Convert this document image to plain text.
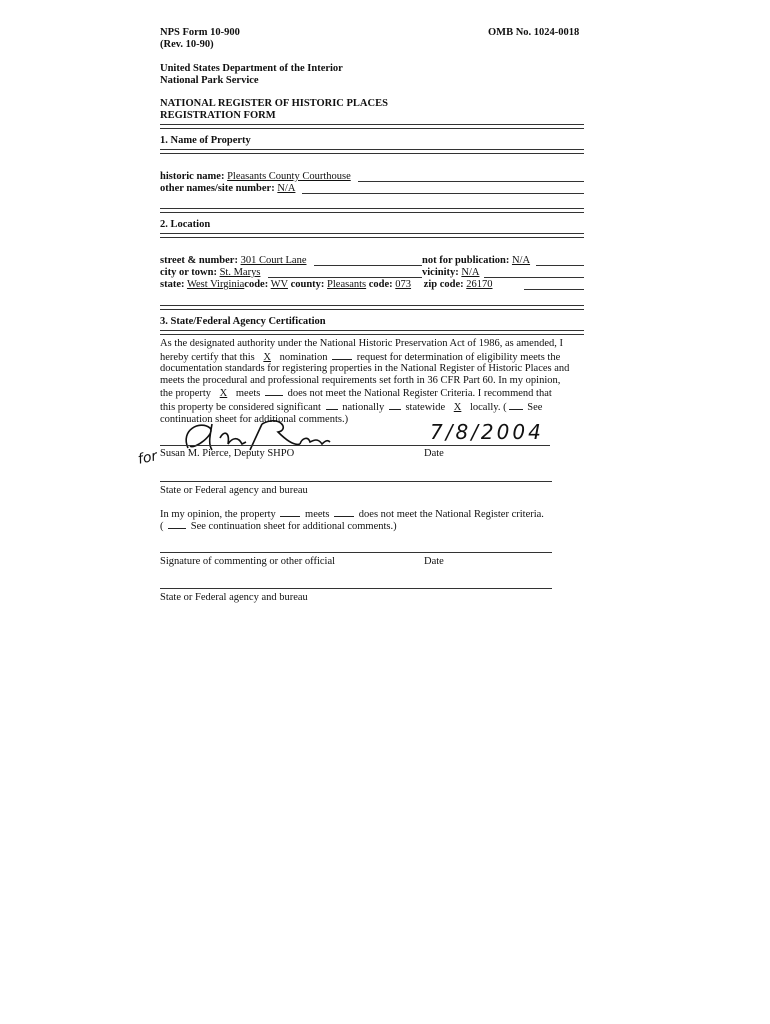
NPS Form 10-900
(Rev. 10-90)
OMB No. 1024-0018
United States Department of the Interior
National Park Service
NATIONAL REGISTER OF HISTORIC PLACES
REGISTRATION FORM
1. Name of Property
historic name: Pleasants County Courthouse
other names/site number: N/A
2. Location
street & number: 301 Court Lane	not for publication: N/A
city or town: St. Marys	vicinity: N/A
state: West Virginiacode: WV county: Pleasants code: 073 zip code: 26170
3. State/Federal Agency Certification
As the designated authority under the National Historic Preservation Act of 1986, as amended, I
hereby certify that this X nomination	request for determination of eligibility meets the
documentation standards for registering properties in the National Register of Historic Places and
meets the procedural and professional requirements set forth in 36 CFR Part 60. In my opinion,
the property X meets	does not meet the National Register Criteria. I recommend that
this property be considered significant nationally statewide X locally. ( See
continuation sheet for additional comments.)
7/8/2004
for Susan M. Pierce, Deputy SHPO	Date
State or Federal agency and bureau
In my opinion, the property	meets	does not meet the National Register criteria.
(	See continuation sheet for additional comments.)
Signature of commenting or other official	Date
State or Federal agency and bureau
